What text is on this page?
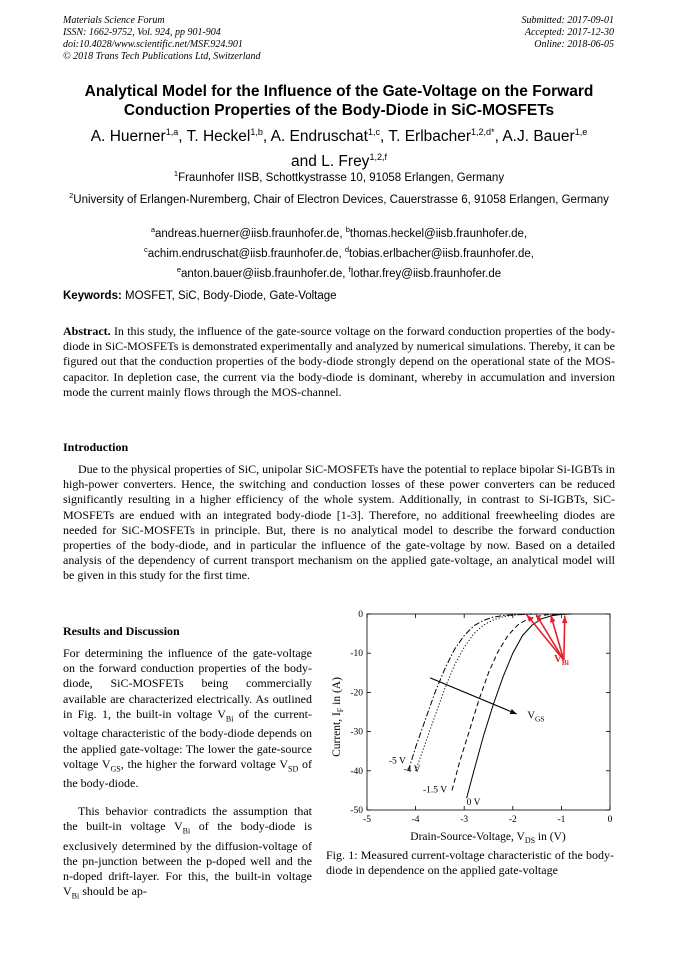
Materials Science Forum
ISSN: 1662-9752, Vol. 924, pp 901-904
doi:10.4028/www.scientific.net/MSF.924.901
© 2018 Trans Tech Publications Ltd, Switzerland
Submitted: 2017-09-01
Accepted: 2017-12-30
Online: 2018-06-05
Analytical Model for the Influence of the Gate-Voltage on the Forward Conduction Properties of the Body-Diode in SiC-MOSFETs
A. Huerner$^{1,a}$, T. Heckel$^{1,b}$, A. Endruschat$^{1,c}$, T. Erlbacher$^{1,2,d*}$, A.J. Bauer$^{1,e}$
and L. Frey$^{1,2,f}$
$^1$Fraunhofer IISB, Schottkystrasse 10, 91058 Erlangen, Germany
$^2$University of Erlangen-Nuremberg, Chair of Electron Devices, Cauerstrasse 6, 91058 Erlangen, Germany
$^a$andreas.huerner@iisb.fraunhofer.de, $^b$thomas.heckel@iisb.fraunhofer.de,
$^c$achim.endruschat@iisb.fraunhofer.de, $^d$tobias.erlbacher@iisb.fraunhofer.de,
$^e$anton.bauer@iisb.fraunhofer.de, $^f$lothar.frey@iisb.fraunhofer.de
Keywords: MOSFET, SiC, Body-Diode, Gate-Voltage
Abstract. In this study, the influence of the gate-source voltage on the forward conduction properties of the body-diode in SiC-MOSFETs is demonstrated experimentally and analyzed by numerical simulations. Thereby, it can be figured out that the conduction properties of the body-diode strongly depend on the operational state of the MOS-capacitor. In depletion case, the current via the body-diode is dominant, whereby in accumulation and inversion mode the current mainly flows through the MOS-channel.
Introduction
Due to the physical properties of SiC, unipolar SiC-MOSFETs have the potential to replace bipolar Si-IGBTs in high-power converters. Hence, the switching and conduction losses of these power converters can be reduced significantly resulting in a higher efficiency of the whole system. Additionally, in contrast to Si-IGBTs, SiC-MOSFETs are endued with an integrated body-diode [1-3]. Therefore, no additional freewheeling diodes are needed for SiC-MOSFETs in principle. But, there is no analytical model to describe the forward conduction properties of the body-diode, and in particular the influence of the gate-voltage by now. Based on a detailed analysis of the dependency of current transport mechanism on the applied gate-voltage, an analytical model will be given in this study for the first time.
Results and Discussion

For determining the influence of the gate-voltage on the forward conduction properties of the body-diode, SiC-MOSFETs being commercially available are characterized electrically. As outlined in Fig. 1, the built-in voltage $V_{Bi}$ of the current-voltage characteristic of the body-diode depends on the applied gate-voltage: The lower the gate-source voltage $V_{GS}$, the higher the forward voltage $V_{SD}$ of the body-diode.

This behavior contradicts the assumption that the built-in voltage $V_{Bi}$ of the body-diode is exclusively determined by the diffusion-voltage of the pn-junction between the p-doped well and the n-doped drift-layer. For this, the built-in voltage $V_{Bi}$ should be ap-

-5	-4	-3	-2	-1	0
0
-10
-20
-30
-40
-50
-5 V
-4 V
-1.5 V
0 V
$V_{GS}$
$V_{Bi}$
Drain-Source-Voltage, $V_{DS}$ in (V)
Current, $I_F$ in (A)
Fig. 1: Measured current-voltage characteristic of the body-diode in dependence on the applied gate-voltage
